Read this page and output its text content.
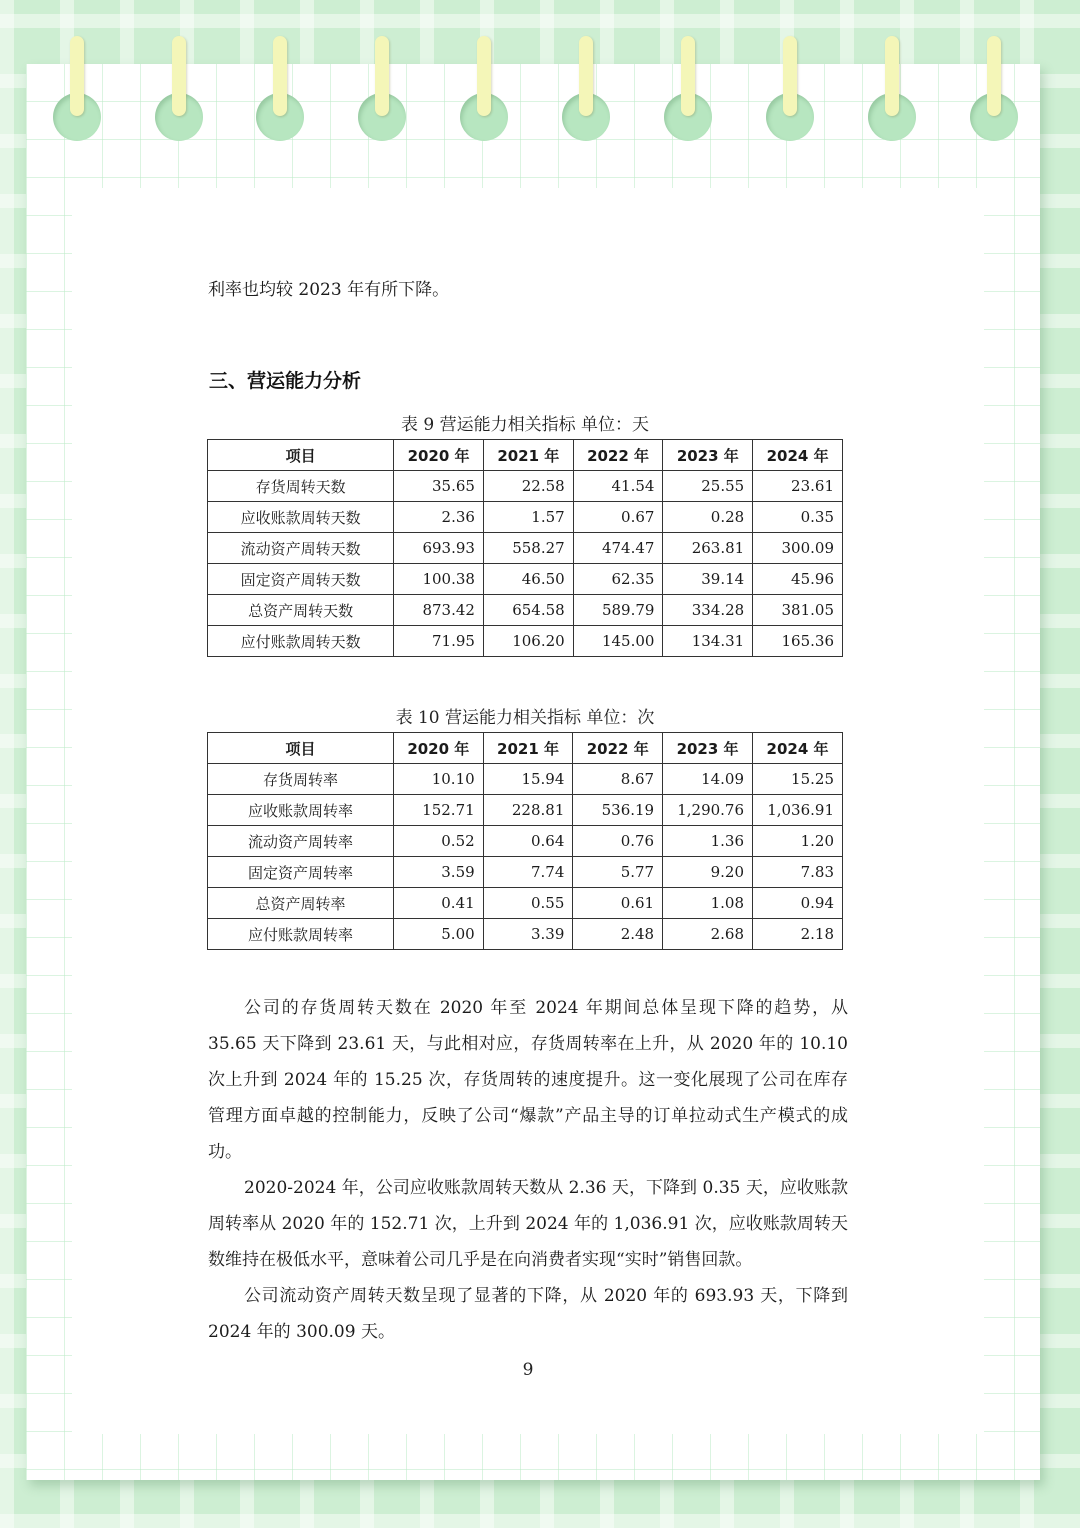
利率也均较 2023 年有所下降。

三、营运能力分析
表 9 营运能力相关指标 单位：天
项目	2020 年	2021 年	2022 年	2023 年	2024 年
存货周转天数	35.65	22.58	41.54	25.55	23.61
应收账款周转天数	2.36	1.57	0.67	0.28	0.35
流动资产周转天数	693.93	558.27	474.47	263.81	300.09
固定资产周转天数	100.38	46.50	62.35	39.14	45.96
总资产周转天数	873.42	654.58	589.79	334.28	381.05
应付账款周转天数	71.95	106.20	145.00	134.31	165.36
表 10 营运能力相关指标 单位：次
项目	2020 年	2021 年	2022 年	2023 年	2024 年
存货周转率	10.10	15.94	8.67	14.09	15.25
应收账款周转率	152.71	228.81	536.19	1,290.76	1,036.91
流动资产周转率	0.52	0.64	0.76	1.36	1.20
固定资产周转率	3.59	7.74	5.77	9.20	7.83
总资产周转率	0.41	0.55	0.61	1.08	0.94
应付账款周转率	5.00	3.39	2.48	2.68	2.18

公司的存货周转天数在 2020 年至 2024 年期间总体呈现下降的趋势，从 35.65 天下降到 23.61 天，与此相对应，存货周转率在上升，从 2020 年的 10.10 次上升到 2024 年的 15.25 次，存货周转的速度提升。这一变化展现了公司在库存管理方面卓越的控制能力，反映了公司“爆款”产品主导的订单拉动式生产模式的成功。

2020-2024 年，公司应收账款周转天数从 2.36 天，下降到 0.35 天，应收账款周转率从 2020 年的 152.71 次，上升到 2024 年的 1,036.91 次，应收账款周转天数维持在极低水平，意味着公司几乎是在向消费者实现“实时”销售回款。

公司流动资产周转天数呈现了显著的下降，从 2020 年的 693.93 天，下降到 2024 年的 300.09 天。

9
